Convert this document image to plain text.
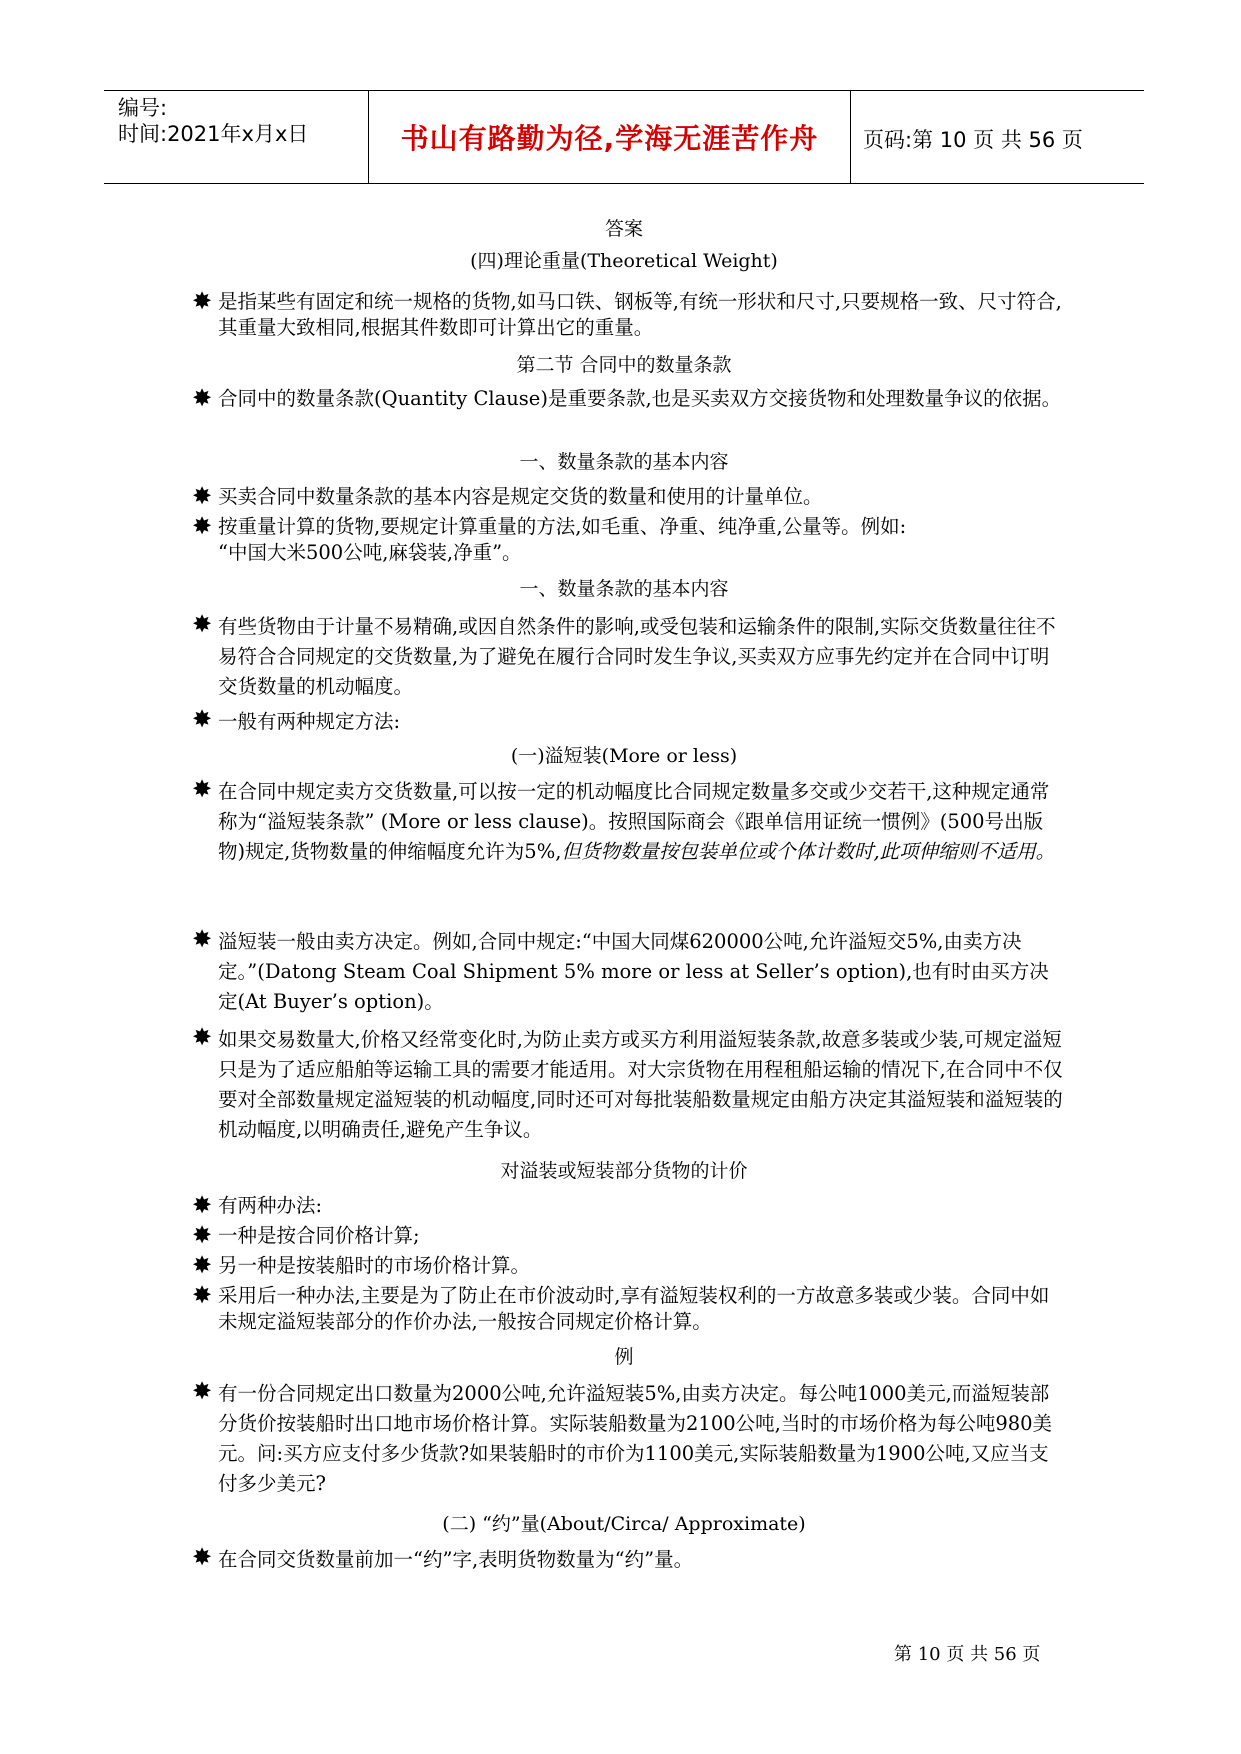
编号:
时间:2021年x月x日	书山有路勤为径,学海无涯苦作舟	页码:第 10 页 共 56 页
答案
(四)理论重量(Theoretical Weight)
✸ 是指某些有固定和统一规格的货物,如马口铁、钢板等,有统一形状和尺寸,只要规格一致、尺寸符合,其重量大致相同,根据其件数即可计算出它的重量。
第二节 合同中的数量条款
✸ 合同中的数量条款(Quantity Clause)是重要条款,也是买卖双方交接货物和处理数量争议的依据。
一、数量条款的基本内容
✸ 买卖合同中数量条款的基本内容是规定交货的数量和使用的计量单位。
✸ 按重量计算的货物,要规定计算重量的方法,如毛重、净重、纯净重,公量等。例如:
“中国大米500公吨,麻袋装,净重”。
一、数量条款的基本内容
✸ 有些货物由于计量不易精确,或因自然条件的影响,或受包装和运输条件的限制,实际交货数量往往不易符合合同规定的交货数量,为了避免在履行合同时发生争议,买卖双方应事先约定并在合同中订明交货数量的机动幅度。
✸ 一般有两种规定方法:
(一)溢短装(More or less)
✸ 在合同中规定卖方交货数量,可以按一定的机动幅度比合同规定数量多交或少交若干,这种规定通常称为“溢短装条款” (More or less clause)。按照国际商会《跟单信用证统一惯例》(500号出版物)规定,货物数量的伸缩幅度允许为5%,但货物数量按包装单位或个体计数时,此项伸缩则不适用。
✸ 溢短装一般由卖方决定。例如,合同中规定:“中国大同煤620000公吨,允许溢短交5%,由卖方决定。”(Datong Steam Coal Shipment 5% more or less at Seller’s option),也有时由买方决定(At Buyer’s option)。
✸ 如果交易数量大,价格又经常变化时,为防止卖方或买方利用溢短装条款,故意多装或少装,可规定溢短只是为了适应船舶等运输工具的需要才能适用。对大宗货物在用程租船运输的情况下,在合同中不仅要对全部数量规定溢短装的机动幅度,同时还可对每批装船数量规定由船方决定其溢短装和溢短装的机动幅度,以明确责任,避免产生争议。
对溢装或短装部分货物的计价
✸ 有两种办法:
✸ 一种是按合同价格计算;
✸ 另一种是按装船时的市场价格计算。
✸ 采用后一种办法,主要是为了防止在市价波动时,享有溢短装权利的一方故意多装或少装。合同中如未规定溢短装部分的作价办法,一般按合同规定价格计算。
例
✸ 有一份合同规定出口数量为2000公吨,允许溢短装5%,由卖方决定。每公吨1000美元,而溢短装部分货价按装船时出口地市场价格计算。实际装船数量为2100公吨,当时的市场价格为每公吨980美元。问:买方应支付多少货款?如果装船时的市价为1100美元,实际装船数量为1900公吨,又应当支付多少美元?
(二) “约”量(About/Circa/ Approximate)
✸ 在合同交货数量前加一“约”字,表明货物数量为“约”量。
第 10 页 共 56 页
